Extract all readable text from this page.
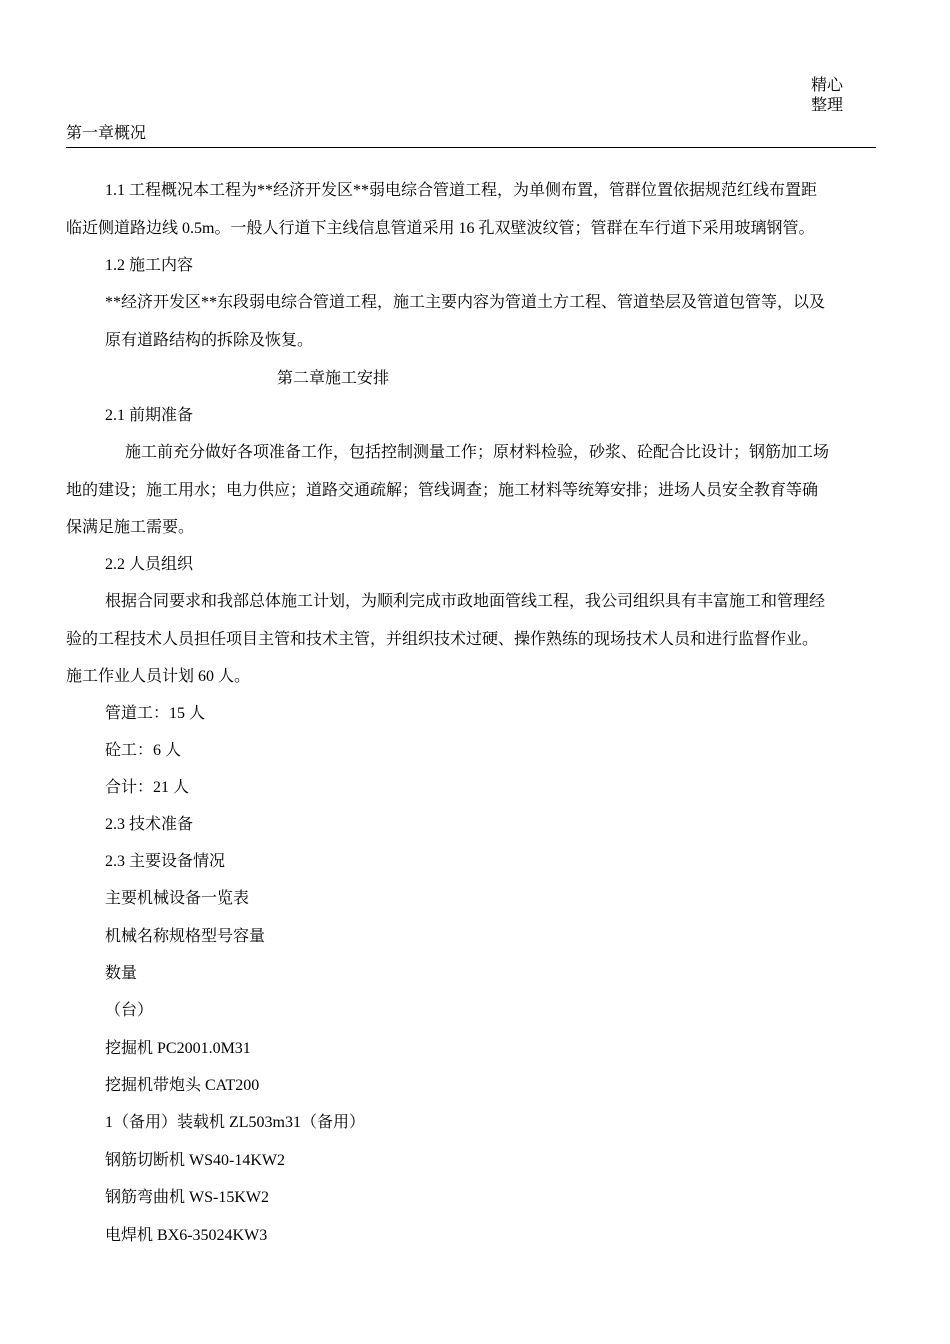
精心
整理
第一章概况
1.1 工程概况本工程为**经济开发区**弱电综合管道工程，为单侧布置，管群位置依据规范红线布置距
临近侧道路边线 0.5m。一般人行道下主线信息管道采用 16 孔双壁波纹管；管群在车行道下采用玻璃钢管。
1.2 施工内容
**经济开发区**东段弱电综合管道工程，施工主要内容为管道土方工程、管道垫层及管道包管等，以及
原有道路结构的拆除及恢复。
第二章施工安排
2.1 前期准备
施工前充分做好各项准备工作，包括控制测量工作；原材料检验，砂浆、砼配合比设计；钢筋加工场
地的建设；施工用水；电力供应；道路交通疏解；管线调查；施工材料等统筹安排；进场人员安全教育等确
保满足施工需要。
2.2 人员组织
根据合同要求和我部总体施工计划，为顺利完成市政地面管线工程，我公司组织具有丰富施工和管理经
验的工程技术人员担任项目主管和技术主管，并组织技术过硬、操作熟练的现场技术人员和进行监督作业。
施工作业人员计划 60 人。
管道工：15 人
砼工：6 人
合计：21 人
2.3 技术准备
2.3 主要设备情况
主要机械设备一览表
机械名称规格型号容量
数量
（台）
挖掘机 PC2001.0M31
挖掘机带炮头 CAT200
1（备用）装载机 ZL503m31（备用）
钢筋切断机 WS40-14KW2
钢筋弯曲机 WS-15KW2
电焊机 BX6-35024KW3
